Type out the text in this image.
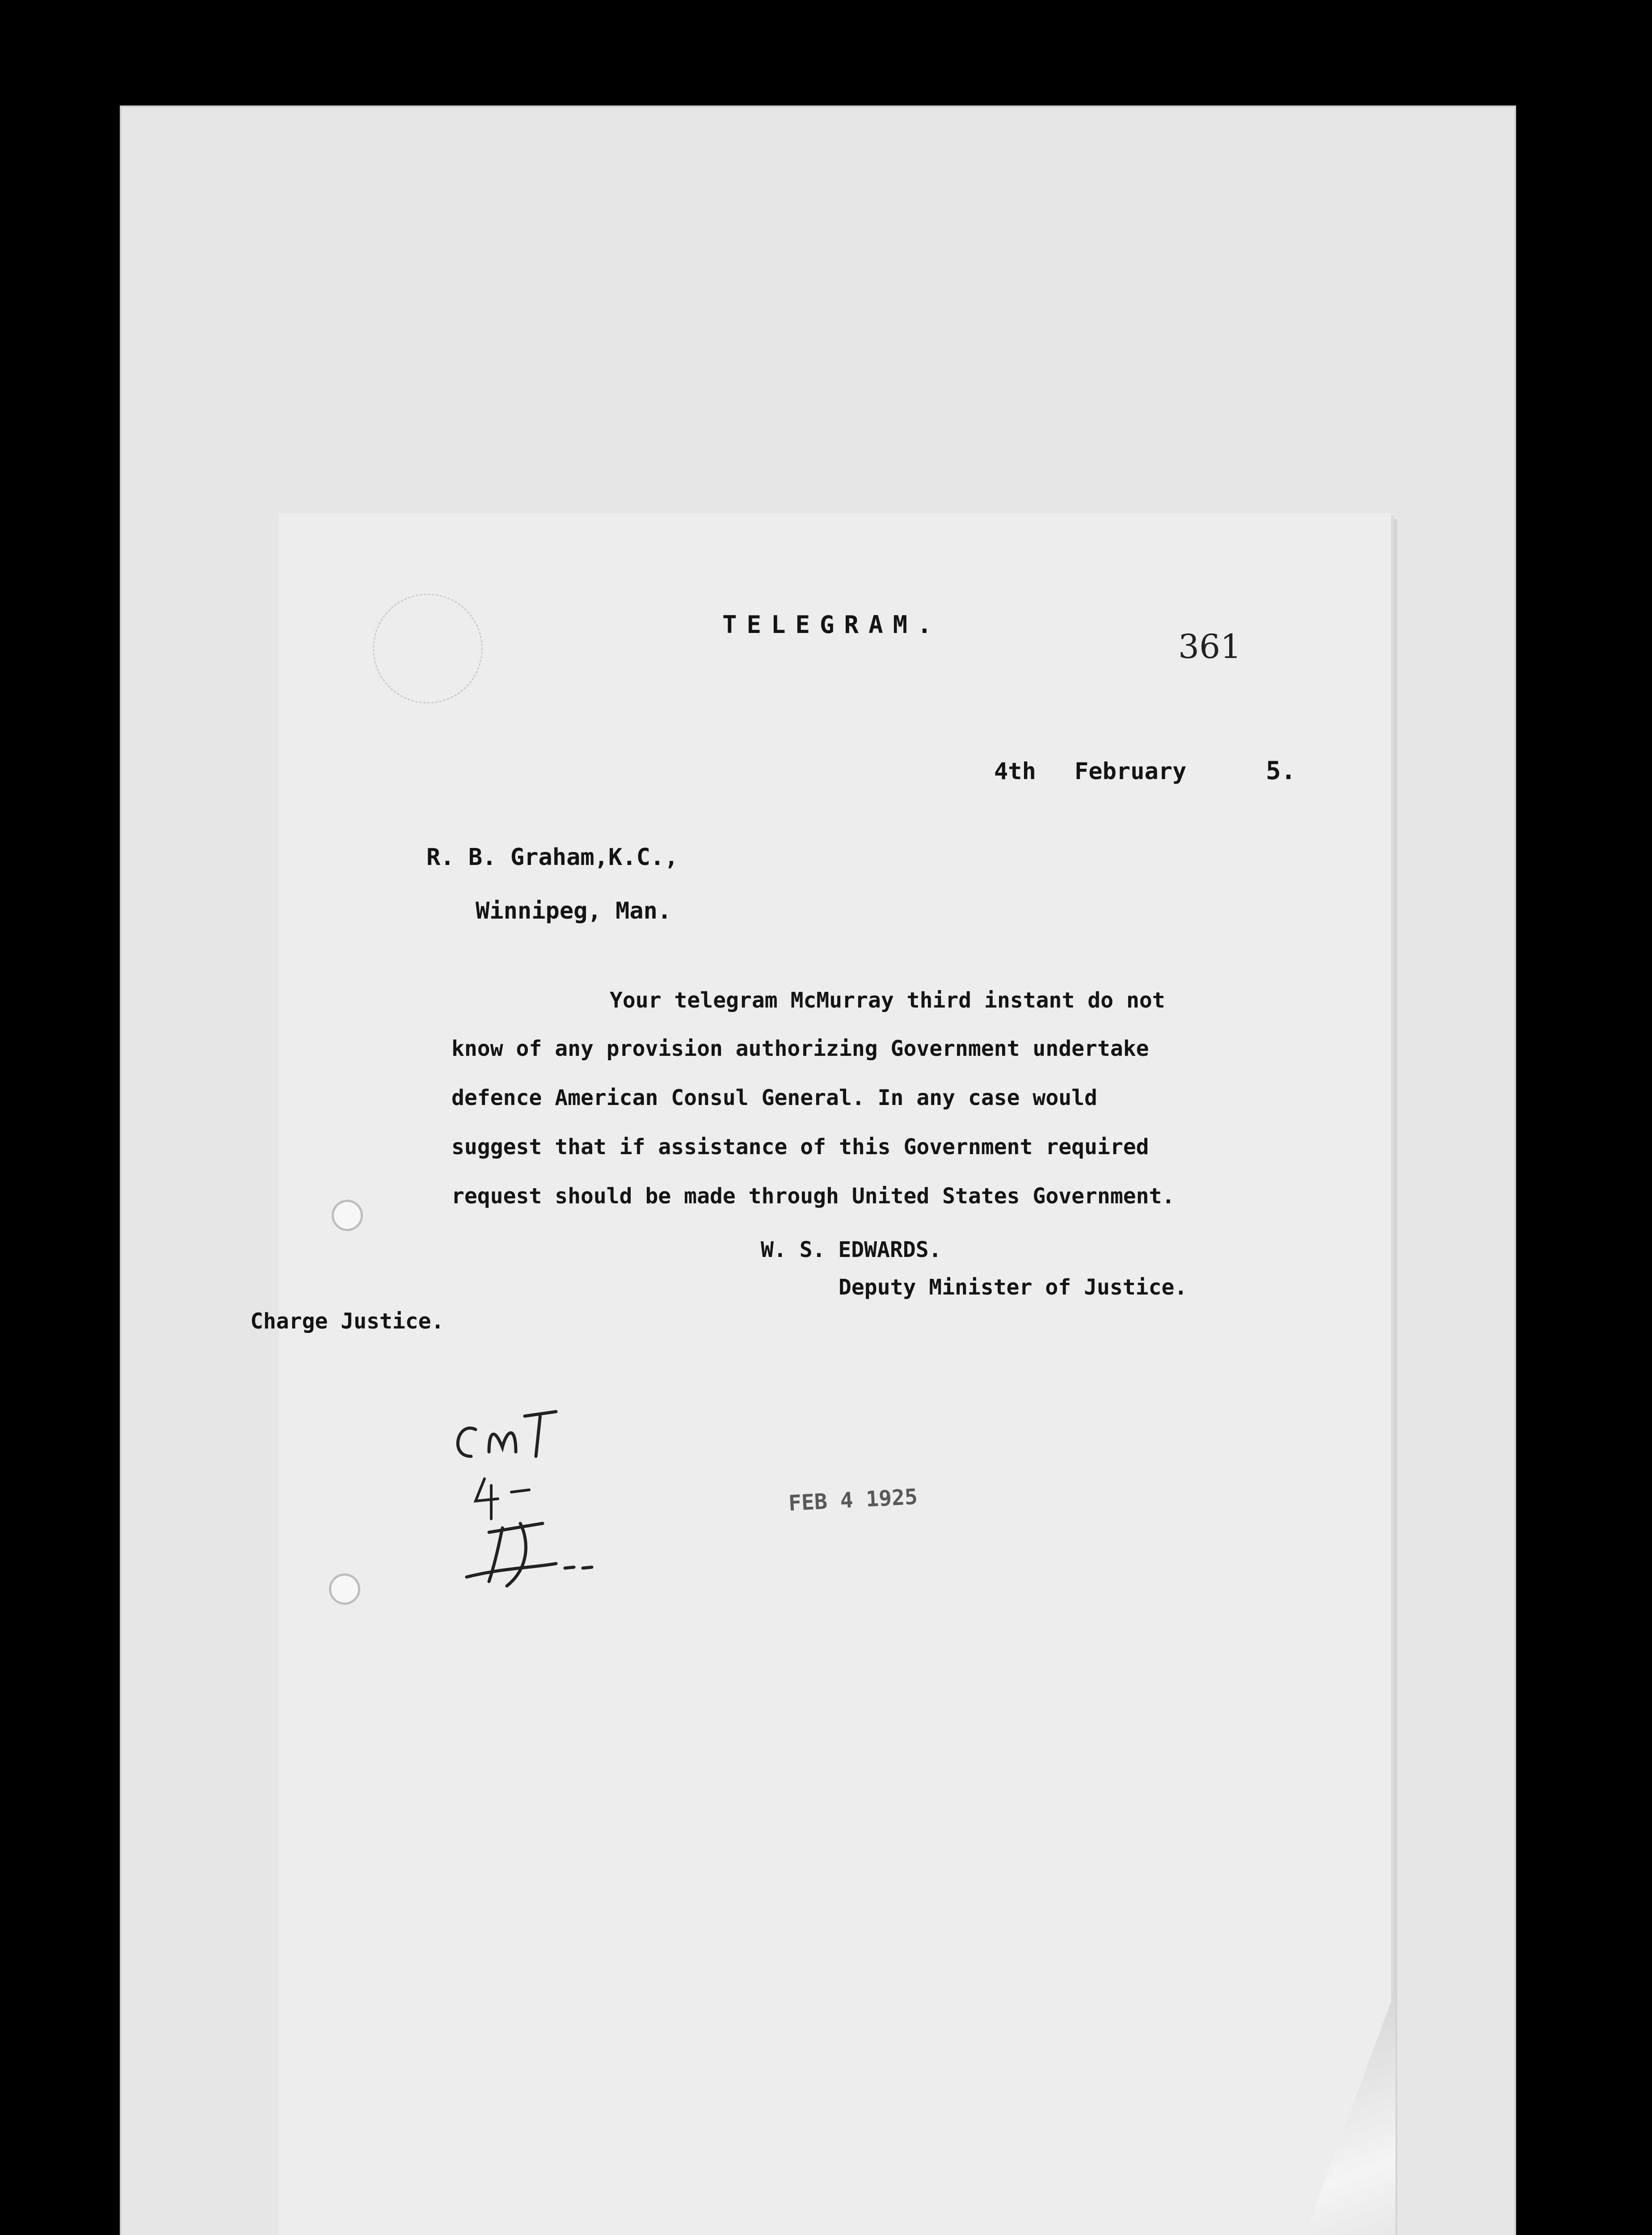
TELEGRAM.
361
4th February	5.
R. B. Graham,K.C.,
Winnipeg, Man.
Your telegram McMurray third instant do not
know of any provision authorizing Government undertake
defence American Consul General. In any case would
suggest that if assistance of this Government required
request should be made through United States Government.
W. S. EDWARDS.
Deputy Minister of Justice.
Charge Justice.
FEB 4 1925
